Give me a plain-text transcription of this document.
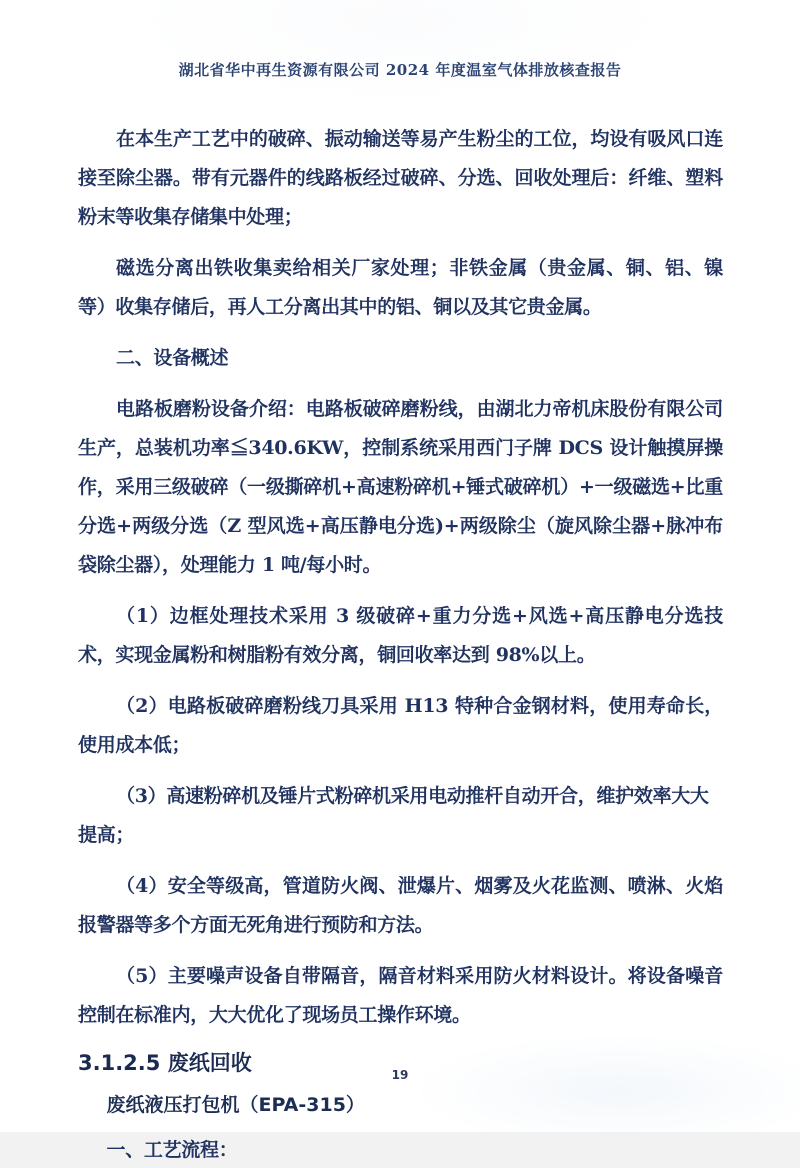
湖北省华中再生资源有限公司 2024 年度温室气体排放核查报告

在本生产工艺中的破碎、振动输送等易产生粉尘的工位，均设有吸风口连接至除尘器。带有元器件的线路板经过破碎、分选、回收处理后：纤维、塑料粉末等收集存储集中处理；

磁选分离出铁收集卖给相关厂家处理；非铁金属（贵金属、铜、铝、镍等）收集存储后，再人工分离出其中的铝、铜以及其它贵金属。

二、设备概述

电路板磨粉设备介绍：电路板破碎磨粉线，由湖北力帝机床股份有限公司生产，总装机功率≦340.6KW，控制系统采用西门子牌 DCS 设计触摸屏操作，采用三级破碎（一级撕碎机+高速粉碎机+锤式破碎机）+一级磁选+比重分选+两级分选（Z 型风选+高压静电分选)+两级除尘（旋风除尘器+脉冲布袋除尘器），处理能力 1 吨/每小时。

（1）边框处理技术采用 3 级破碎+重力分选+风选+高压静电分选技术，实现金属粉和树脂粉有效分离，铜回收率达到 98%以上。

（2）电路板破碎磨粉线刀具采用 H13 特种合金钢材料，使用寿命长，使用成本低；

（3）高速粉碎机及锤片式粉碎机采用电动推杆自动开合，维护效率大大提高；

（4）安全等级高，管道防火阀、泄爆片、烟雾及火花监测、喷淋、火焰报警器等多个方面无死角进行预防和方法。

（5）主要噪声设备自带隔音，隔音材料采用防火材料设计。将设备噪音控制在标准内，大大优化了现场员工操作环境。

3.1.2.5 废纸回收

废纸液压打包机（EPA-315）

一、工艺流程：

19
